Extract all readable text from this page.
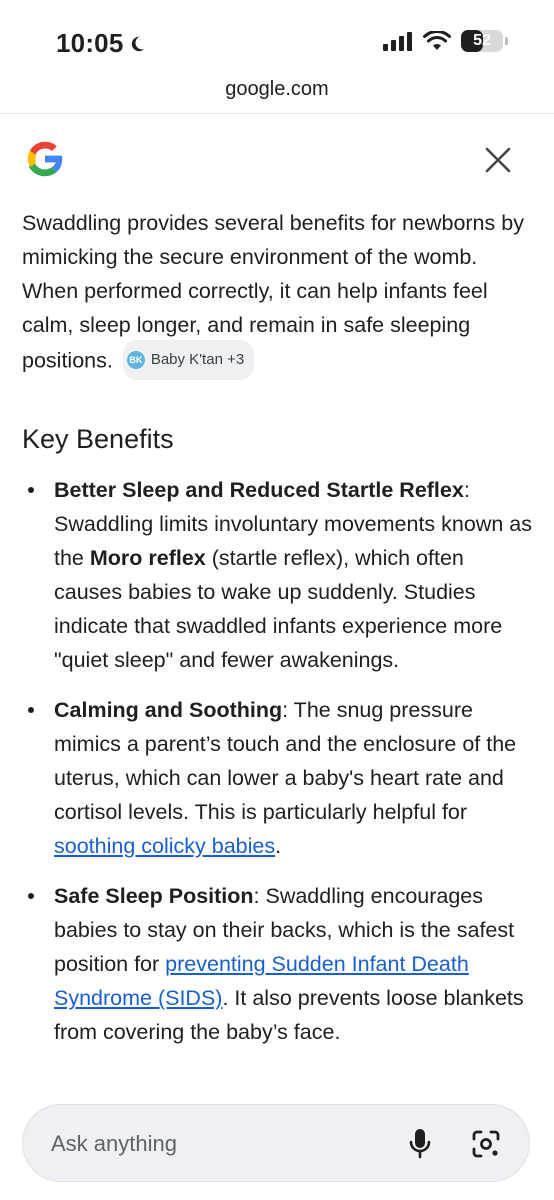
10:05	52
google.com

Swaddling provides several benefits for newborns by mimicking the secure environment of the womb. When performed correctly, it can help infants feel calm, sleep longer, and remain in safe sleeping positions. BK Baby K'tan +3

Key Benefits
Better Sleep and Reduced Startle Reflex: Swaddling limits involuntary movements known as the Moro reflex (startle reflex), which often causes babies to wake up suddenly. Studies indicate that swaddled infants experience more "quiet sleep" and fewer awakenings.
Calming and Soothing: The snug pressure mimics a parent’s touch and the enclosure of the uterus, which can lower a baby's heart rate and cortisol levels. This is particularly helpful for soothing colicky babies.
Safe Sleep Position: Swaddling encourages babies to stay on their backs, which is the safest position for preventing Sudden Infant Death Syndrome (SIDS). It also prevents loose blankets from covering the baby’s face.
Ask anything
